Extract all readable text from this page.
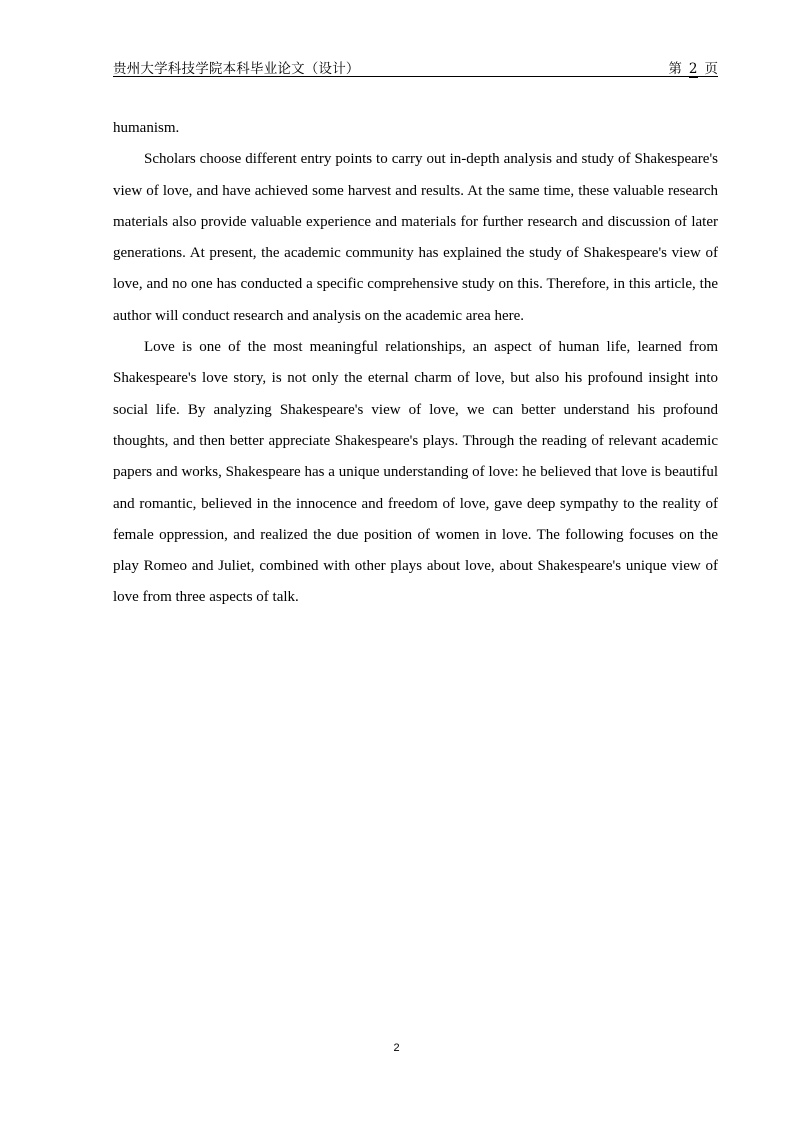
贵州大学科技学院本科毕业论文（设计）	第 2 页

humanism.

Scholars choose different entry points to carry out in-depth analysis and study of Shakespeare's view of love, and have achieved some harvest and results. At the same time, these valuable research materials also provide valuable experience and materials for further research and discussion of later generations. At present, the academic community has explained the study of Shakespeare's view of love, and no one has conducted a specific comprehensive study on this. Therefore, in this article, the author will conduct research and analysis on the academic area here.

Love is one of the most meaningful relationships, an aspect of human life, learned from Shakespeare's love story, is not only the eternal charm of love, but also his profound insight into social life. By analyzing Shakespeare's view of love, we can better understand his profound thoughts, and then better appreciate Shakespeare's plays. Through the reading of relevant academic papers and works, Shakespeare has a unique understanding of love: he believed that love is beautiful and romantic, believed in the innocence and freedom of love, gave deep sympathy to the reality of female oppression, and realized the due position of women in love. The following focuses on the play Romeo and Juliet, combined with other plays about love, about Shakespeare's unique view of love from three aspects of talk.

2
